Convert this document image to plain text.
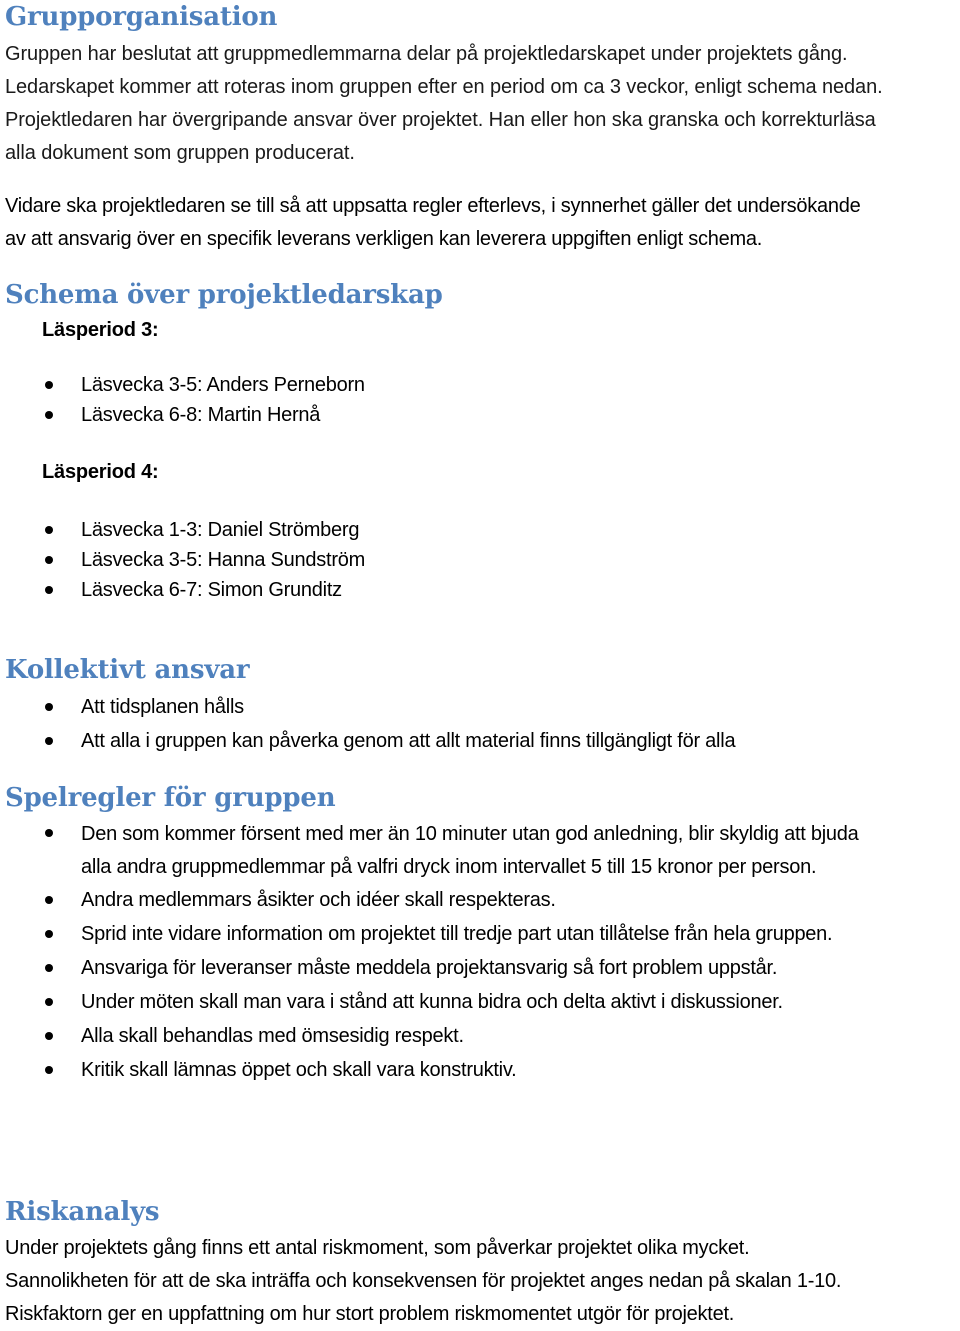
Grupporganisation
Gruppen har beslutat att gruppmedlemmarna delar på projektledarskapet under projektets gång.
Ledarskapet kommer att roteras inom gruppen efter en period om ca 3 veckor, enligt schema nedan.
Projektledaren har övergripande ansvar över projektet. Han eller hon ska granska och korrekturläsa
alla dokument som gruppen producerat.
Vidare ska projektledaren se till så att uppsatta regler efterlevs, i synnerhet gäller det undersökande
av att ansvarig över en specifik leverans verkligen kan leverera uppgiften enligt schema.
Schema över projektledarskap

Läsperiod 3:

Läsvecka 3-5: Anders Perneborn

Läsvecka 6-8: Martin Hernå

Läsperiod 4:

Läsvecka 1-3: Daniel Strömberg

Läsvecka 3-5: Hanna Sundström

Läsvecka 6-7: Simon Grunditz

Kollektivt ansvar

Att tidsplanen hålls

Att alla i gruppen kan påverka genom att allt material finns tillgängligt för alla

Spelregler för gruppen
Den som kommer försent med mer än 10 minuter utan god anledning, blir skyldig att bjuda
alla andra gruppmedlemmar på valfri dryck inom intervallet 5 till 15 kronor per person.

Andra medlemmars åsikter och idéer skall respekteras.

Sprid inte vidare information om projektet till tredje part utan tillåtelse från hela gruppen.

Ansvariga för leveranser måste meddela projektansvarig så fort problem uppstår.

Under möten skall man vara i stånd att kunna bidra och delta aktivt i diskussioner.

Alla skall behandlas med ömsesidig respekt.

Kritik skall lämnas öppet och skall vara konstruktiv.

Riskanalys
Under projektets gång finns ett antal riskmoment, som påverkar projektet olika mycket.
Sannolikheten för att de ska inträffa och konsekvensen för projektet anges nedan på skalan 1-10.
Riskfaktorn ger en uppfattning om hur stort problem riskmomentet utgör för projektet.
